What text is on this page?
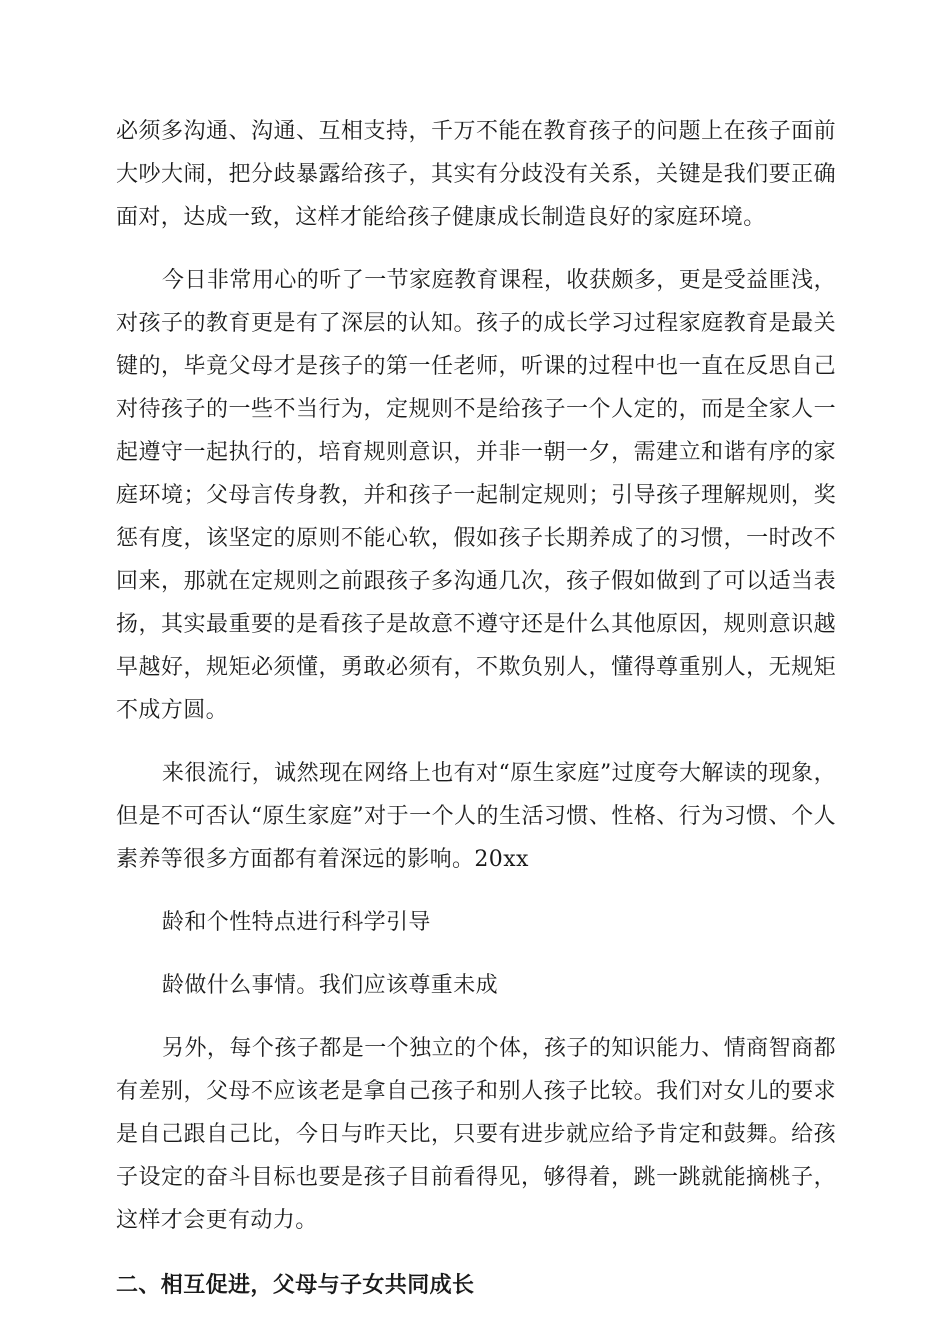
必须多沟通、沟通、互相支持，千万不能在教育孩子的问题上在孩子面前大吵大闹，把分歧暴露给孩子，其实有分歧没有关系，关键是我们要正确面对，达成一致，这样才能给孩子健康成长制造良好的家庭环境。

今日非常用心的听了一节家庭教育课程，收获颇多，更是受益匪浅，对孩子的教育更是有了深层的认知。孩子的成长学习过程家庭教育是最关键的，毕竟父母才是孩子的第一任老师，听课的过程中也一直在反思自己对待孩子的一些不当行为，定规则不是给孩子一个人定的，而是全家人一起遵守一起执行的，培育规则意识，并非一朝一夕，需建立和谐有序的家庭环境；父母言传身教，并和孩子一起制定规则；引导孩子理解规则，奖惩有度，该坚定的原则不能心软，假如孩子长期养成了的习惯，一时改不回来，那就在定规则之前跟孩子多沟通几次，孩子假如做到了可以适当表扬，其实最重要的是看孩子是故意不遵守还是什么其他原因，规则意识越早越好，规矩必须懂，勇敢必须有，不欺负别人，懂得尊重别人，无规矩不成方圆。

来很流行，诚然现在网络上也有对“原生家庭”过度夸大解读的现象，但是不可否认“原生家庭”对于一个人的生活习惯、性格、行为习惯、个人素养等很多方面都有着深远的影响。20xx

龄和个性特点进行科学引导

龄做什么事情。我们应该尊重未成

另外，每个孩子都是一个独立的个体，孩子的知识能力、情商智商都有差别，父母不应该老是拿自己孩子和别人孩子比较。我们对女儿的要求是自己跟自己比，今日与昨天比，只要有进步就应给予肯定和鼓舞。给孩子设定的奋斗目标也要是孩子目前看得见，够得着，跳一跳就能摘桃子，这样才会更有动力。

二、相互促进，父母与子女共同成长
